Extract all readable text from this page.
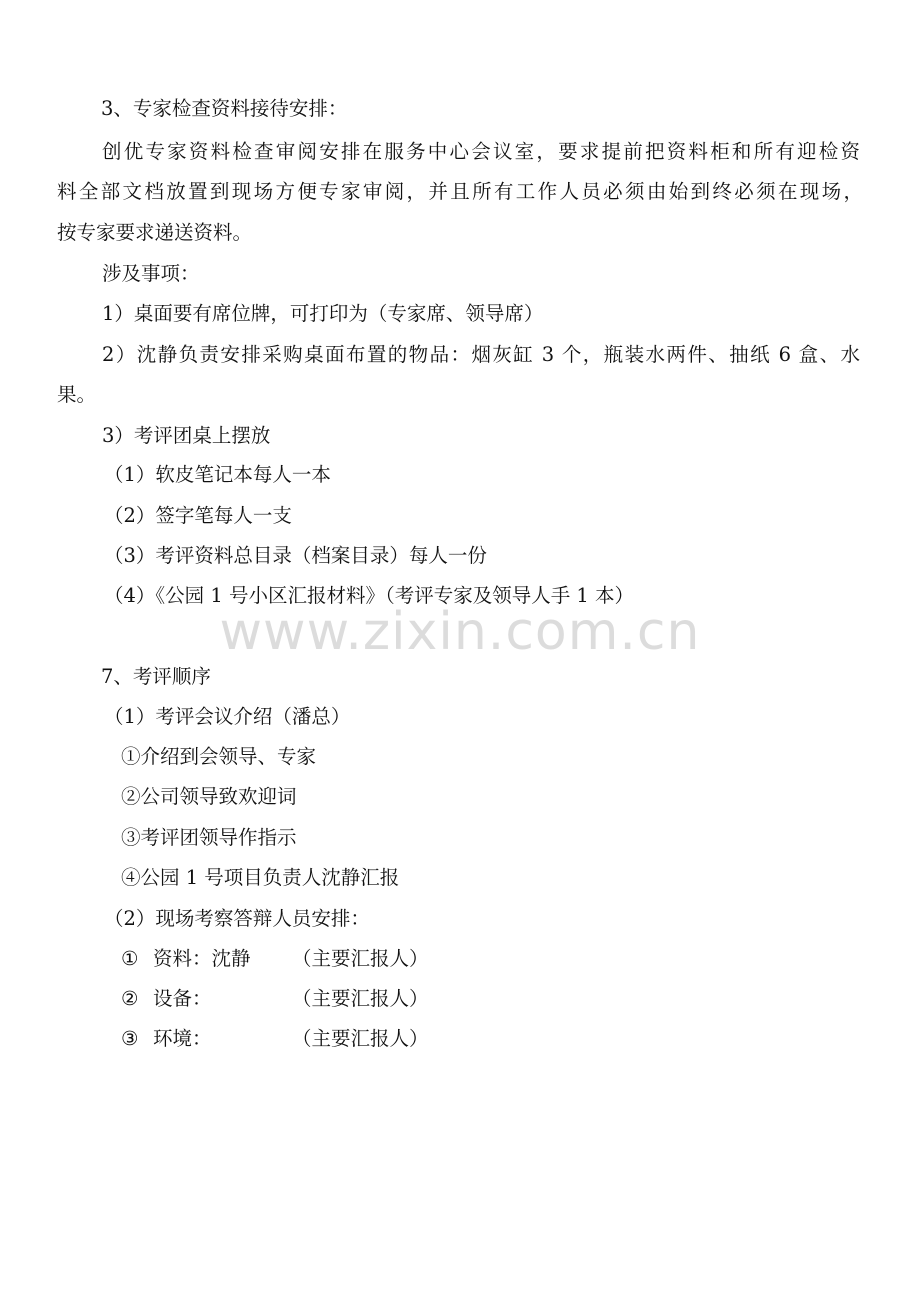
3、专家检查资料接待安排：
创优专家资料检查审阅安排在服务中心会议室，要求提前把资料柜和所有迎检资
料全部文档放置到现场方便专家审阅，并且所有工作人员必须由始到终必须在现场，
按专家要求递送资料。
涉及事项：
1）桌面要有席位牌，可打印为（专家席、领导席）
2）沈静负责安排采购桌面布置的物品：烟灰缸 3 个，瓶装水两件、抽纸 6 盒、水
果。
3）考评团桌上摆放
（1）软皮笔记本每人一本
（2）签字笔每人一支
（3）考评资料总目录（档案目录）每人一份
（4）《公园 1 号小区汇报材料》（考评专家及领导人手 1 本）
www.zixin.com.cn
7、考评顺序
（1）考评会议介绍（潘总）
①介绍到会领导、专家
②公司领导致欢迎词
③考评团领导作指示
④公园 1 号项目负责人沈静汇报
（2）现场考察答辩人员安排：
① 资料：沈静 （主要汇报人）
② 设备：	（主要汇报人）
③ 环境：	（主要汇报人）
